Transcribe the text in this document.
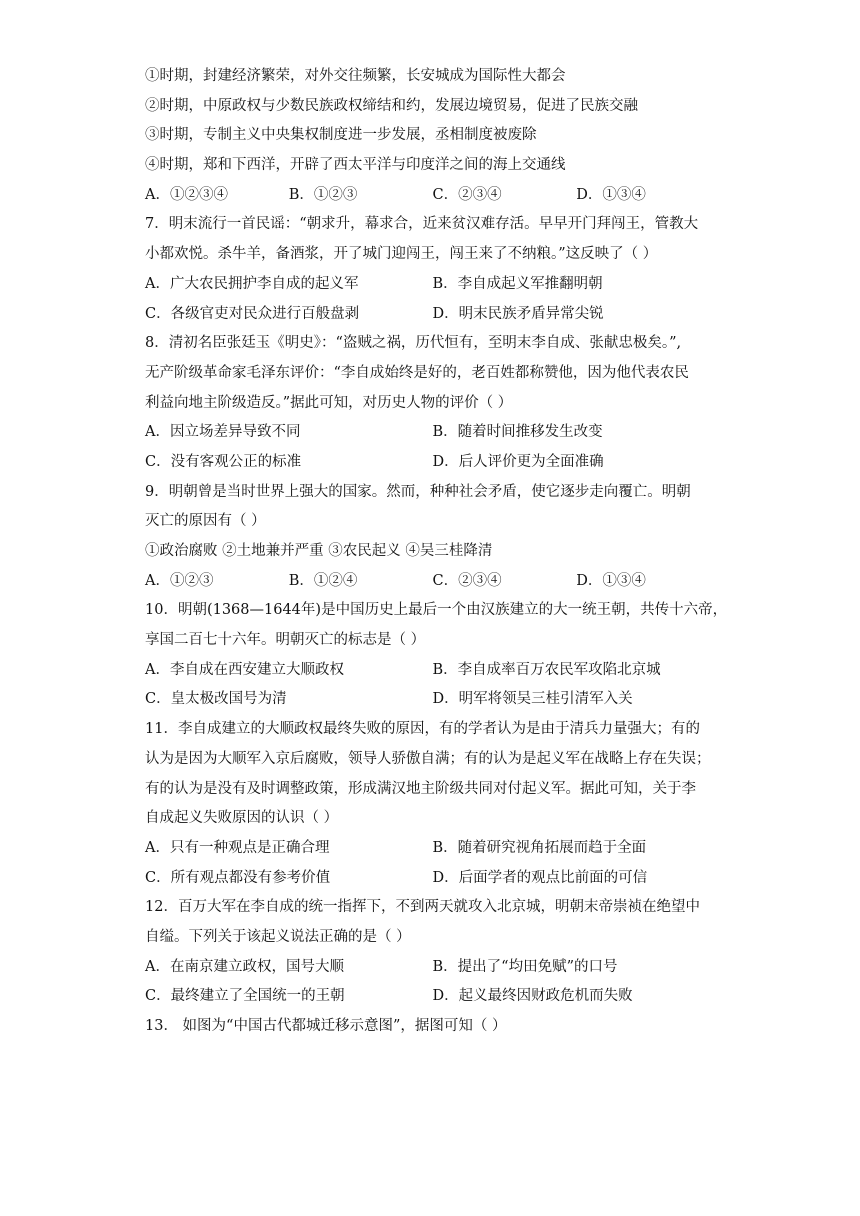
①时期，封建经济繁荣，对外交往频繁，长安城成为国际性大都会
②时期，中原政权与少数民族政权缔结和约，发展边境贸易，促进了民族交融
③时期，专制主义中央集权制度进一步发展，丞相制度被废除
④时期，郑和下西洋，开辟了西太平洋与印度洋之间的海上交通线
A．①②③④	B．①②③	C．②③④	D．①③④
7．明末流行一首民谣：“朝求升，幕求合，近来贫汉难存活。早早开门拜闯王，管教大
小都欢悦。杀牛羊，备酒浆，开了城门迎闯王，闯王来了不纳粮。”这反映了（ ）
A．广大农民拥护李自成的起义军	B．李自成起义军推翻明朝
C．各级官吏对民众进行百般盘剥	D．明末民族矛盾异常尖锐
8．清初名臣张廷玉《明史》：“盗贼之祸，历代恒有，至明末李自成、张献忠极矣。”,
无产阶级革命家毛泽东评价：“李自成始终是好的，老百姓都称赞他，因为他代表农民
利益向地主阶级造反。”据此可知，对历史人物的评价（ ）
A．因立场差异导致不同	B．随着时间推移发生改变
C．没有客观公正的标准	D．后人评价更为全面准确
9．明朝曾是当时世界上强大的国家。然而，种种社会矛盾，使它逐步走向覆亡。明朝
灭亡的原因有（ ）
①政治腐败 ②土地兼并严重 ③农民起义 ④吴三桂降清
A．①②③	B．①②④	C．②③④	D．①③④
10．明朝(1368—1644年)是中国历史上最后一个由汉族建立的大一统王朝，共传十六帝，
享国二百七十六年。明朝灭亡的标志是（ ）
A．李自成在西安建立大顺政权	B．李自成率百万农民军攻陷北京城
C．皇太极改国号为清	D．明军将领吴三桂引清军入关
11．李自成建立的大顺政权最终失败的原因，有的学者认为是由于清兵力量强大；有的
认为是因为大顺军入京后腐败，领导人骄傲自满；有的认为是起义军在战略上存在失误；
有的认为是没有及时调整政策，形成满汉地主阶级共同对付起义军。据此可知，关于李
自成起义失败原因的认识（ ）
A．只有一种观点是正确合理	B．随着研究视角拓展而趋于全面
C．所有观点都没有参考价值	D．后面学者的观点比前面的可信
12．百万大军在李自成的统一指挥下，不到两天就攻入北京城，明朝末帝崇祯在绝望中
自缢。下列关于该起义说法正确的是（ ）
A．在南京建立政权，国号大顺	B．提出了“均田免赋”的口号
C．最终建立了全国统一的王朝	D．起义最终因财政危机而失败
13． 如图为“中国古代都城迁移示意图”，据图可知（ ）
